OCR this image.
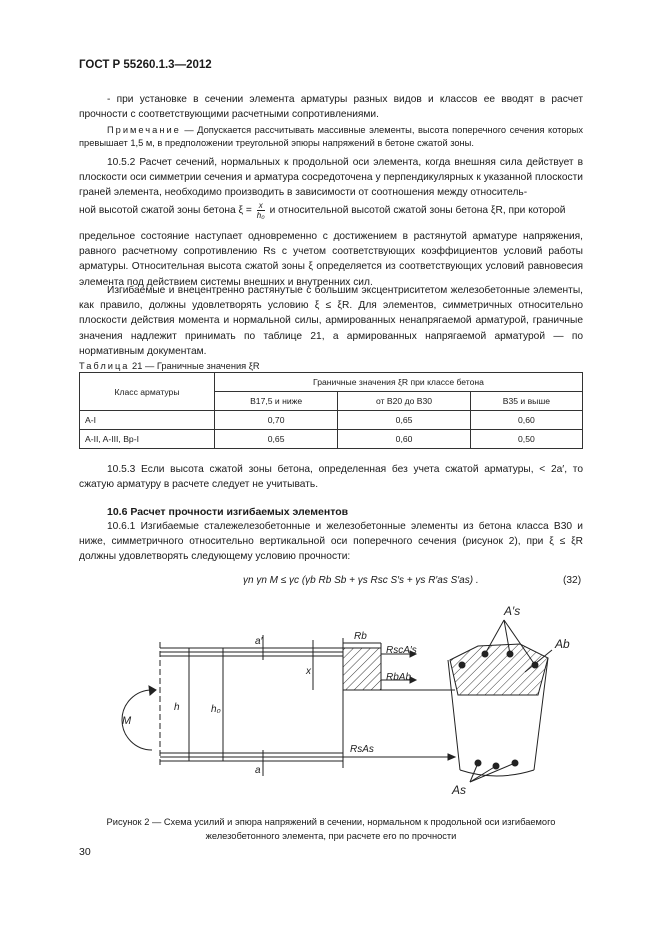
ГОСТ Р 55260.1.3—2012
- при установке в сечении элемента арматуры разных видов и классов ее вводят в расчет прочности с соответствующими расчетными сопротивлениями.
Примечание — Допускается рассчитывать массивные элементы, высота поперечного сечения которых превышает 1,5 м, в предположении треугольной эпюры напряжений в бетоне сжатой зоны.
10.5.2 Расчет сечений, нормальных к продольной оси элемента, когда внешняя сила действует в плоскости оси симметрии сечения и арматура сосредоточена у перпендикулярных к указанной плоскости граней элемента, необходимо производить в зависимости от соотношения между относитель-
ной высотой сжатой зоны бетона $\xi = \frac{x}{\text{h₀}}$ и относительной высотой сжатой зоны бетона ξR, при которой
предельное состояние наступает одновременно с достижением в растянутой арматуре напряжения, равного расчетному сопротивлению Rs с учетом соответствующих коэффициентов условий работы арматуры. Относительная высота сжатой зоны ξ определяется из соответствующих условий равновесия элемента под действием системы внешних и внутренних сил.
Изгибаемые и внецентренно растянутые с большим эксцентриситетом железобетонные элементы, как правило, должны удовлетворять условию ξ ≤ ξR. Для элементов, симметричных относительно плоскости действия момента и нормальной силы, армированных ненапрягаемой арматурой, граничные значения надлежит принимать по таблице 21, а армированных напрягаемой арматурой — по нормативным документам.
Таблица 21 — Граничные значения ξR
Класс арматуры	Граничные значения ξR при классе бетона		
	В17,5 и ниже	от В20 до В30	В35 и выше
A-I	0,70	0,65	0,60
A-II, A-III, Bp-I	0,65	0,60	0,50
10.5.3 Если высота сжатой зоны бетона, определенная без учета сжатой арматуры, < 2a′, то сжатую арматуру в расчете следует не учитывать.
10.6 Расчет прочности изгибаемых элементов
10.6.1 Изгибаемые сталежелезобетонные и железобетонные элементы из бетона класса В30 и ниже, симметричного относительно вертикальной оси поперечного сечения (рисунок 2), при ξ ≤ ξR должны удовлетворять следующему условию прочности:
γn γn M ≤ γc (γb Rb Sb + γs Rsc S′s + γs R′as S′as) .	(32)
a′
a
h	h₀
x
M
Rb
RscA′s
RbAb
RsAs
A′s
Ab
As
Рисунок 2 — Схема усилий и эпюра напряжений в сечении, нормальном к продольной оси изгибаемого железобетонного элемента, при расчете его по прочности
30
